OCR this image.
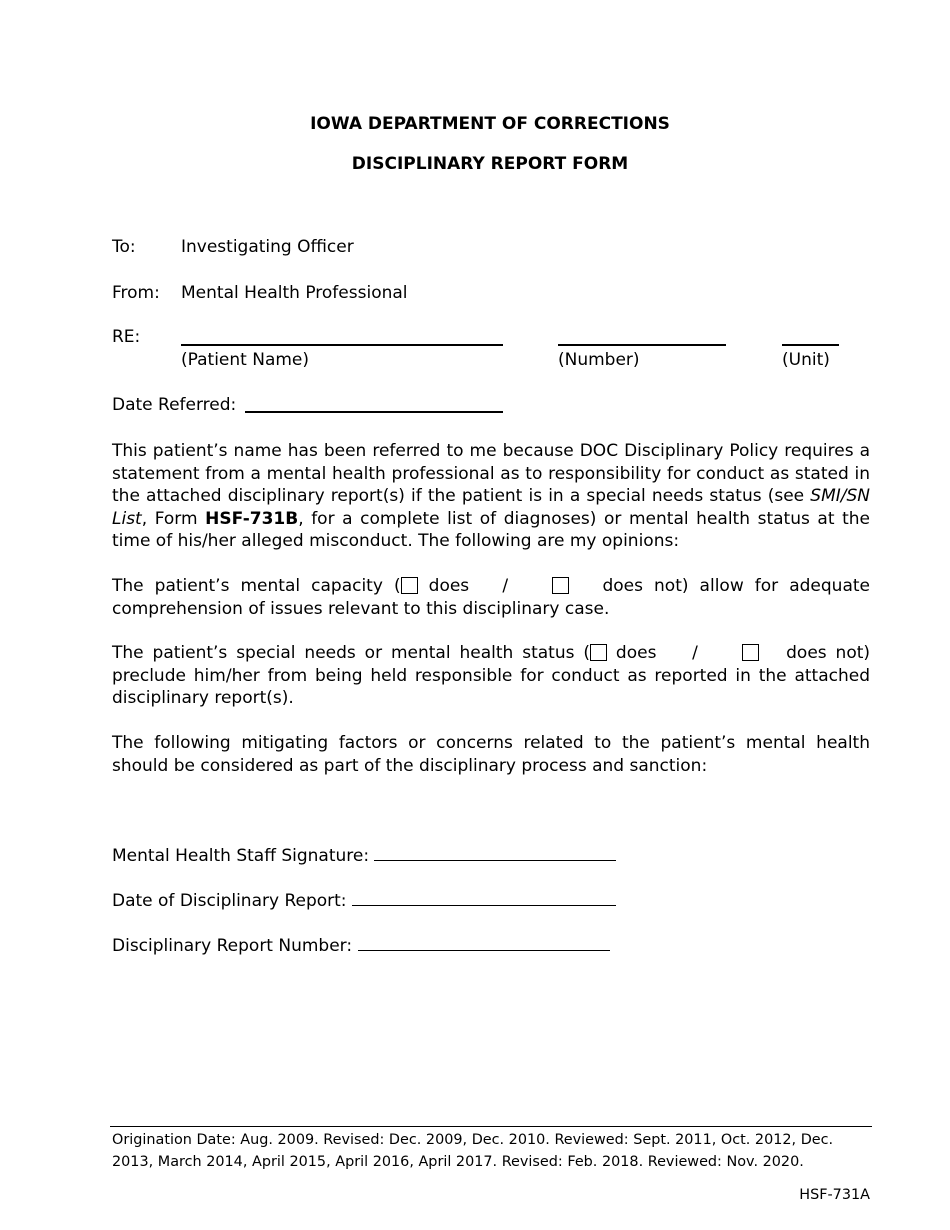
IOWA DEPARTMENT OF CORRECTIONS
DISCIPLINARY REPORT FORM
To:	Investigating Officer
From: Mental Health Professional
RE:
(Patient Name)	(Number)	(Unit)
Date Referred:
This patient’s name has been referred to me because DOC Disciplinary Policy requires a statement from a mental health professional as to responsibility for conduct as stated in the attached disciplinary report(s) if the patient is in a special needs status (see SMI/SN List, Form HSF-731B, for a complete list of diagnoses) or mental health status at the time of his/her alleged misconduct. The following are my opinions:
The patient’s mental capacity ( does /	does not) allow for adequate comprehension of issues relevant to this disciplinary case.
The patient’s special needs or mental health status ( does /	does not) preclude him/her from being held responsible for conduct as reported in the attached disciplinary report(s).
The following mitigating factors or concerns related to the patient’s mental health should be considered as part of the disciplinary process and sanction:
Mental Health Staff Signature:
Date of Disciplinary Report:
Disciplinary Report Number:
Origination Date: Aug. 2009. Revised: Dec. 2009, Dec. 2010. Reviewed: Sept. 2011, Oct. 2012, Dec. 2013, March 2014, April 2015, April 2016, April 2017. Revised: Feb. 2018. Reviewed: Nov. 2020.
HSF-731A
